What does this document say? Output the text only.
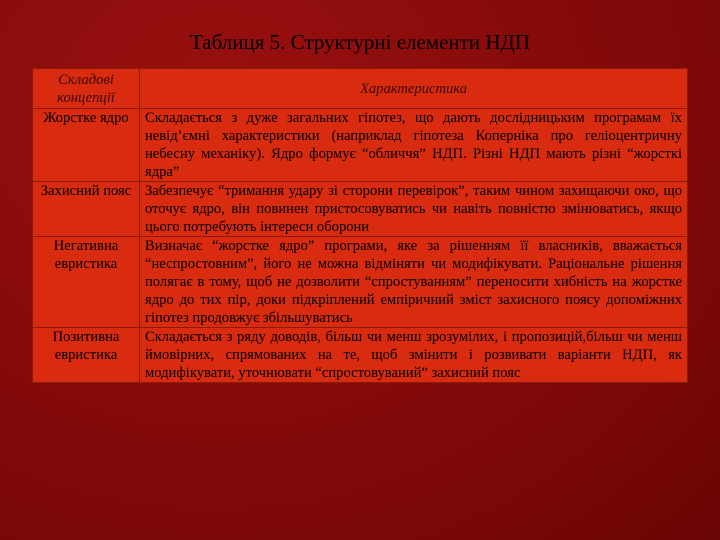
Таблиця 5. Структурні елементи НДП
Складові концепції	Характеристика
Жорстке ядро	Складається з дуже загальних гіпотез, що дають дослідницьким програмам їх невід’ємні характеристики (наприклад гіпотеза Коперніка про геліоцентричну небесну механіку). Ядро формує “обличчя” НДП. Різні НДП мають різні “жорсткі ядра”
Захисний пояс	Забезпечує “тримання удару зі сторони перевірок”, таким чином захищаючи око, що оточує ядро, він повинен пристосовуватись чи навіть повністю змінюватись, якщо цього потребують інтереси оборони
Негативна евристика	Визначає “жорстке ядро” програми, яке за рішенням її власників, вважається “неспростовним”, його не можна відміняти чи модифікувати. Раціональне рішення полягає в тому, щоб не дозволити “спростуванням” переносити хибність на жорстке ядро до тих пір, доки підкріплений емпіричний зміст захисного поясу допоміжних гіпотез продовжує збільшуватись
Позитивна евристика	Складається з ряду доводів, більш чи менш зрозумілих, і пропозицій,більш чи менш ймовірних, спрямованих на те, щоб змінити і розвивати варіанти НДП, як модифікувати, уточнювати “спростовуваний” захисний пояс
